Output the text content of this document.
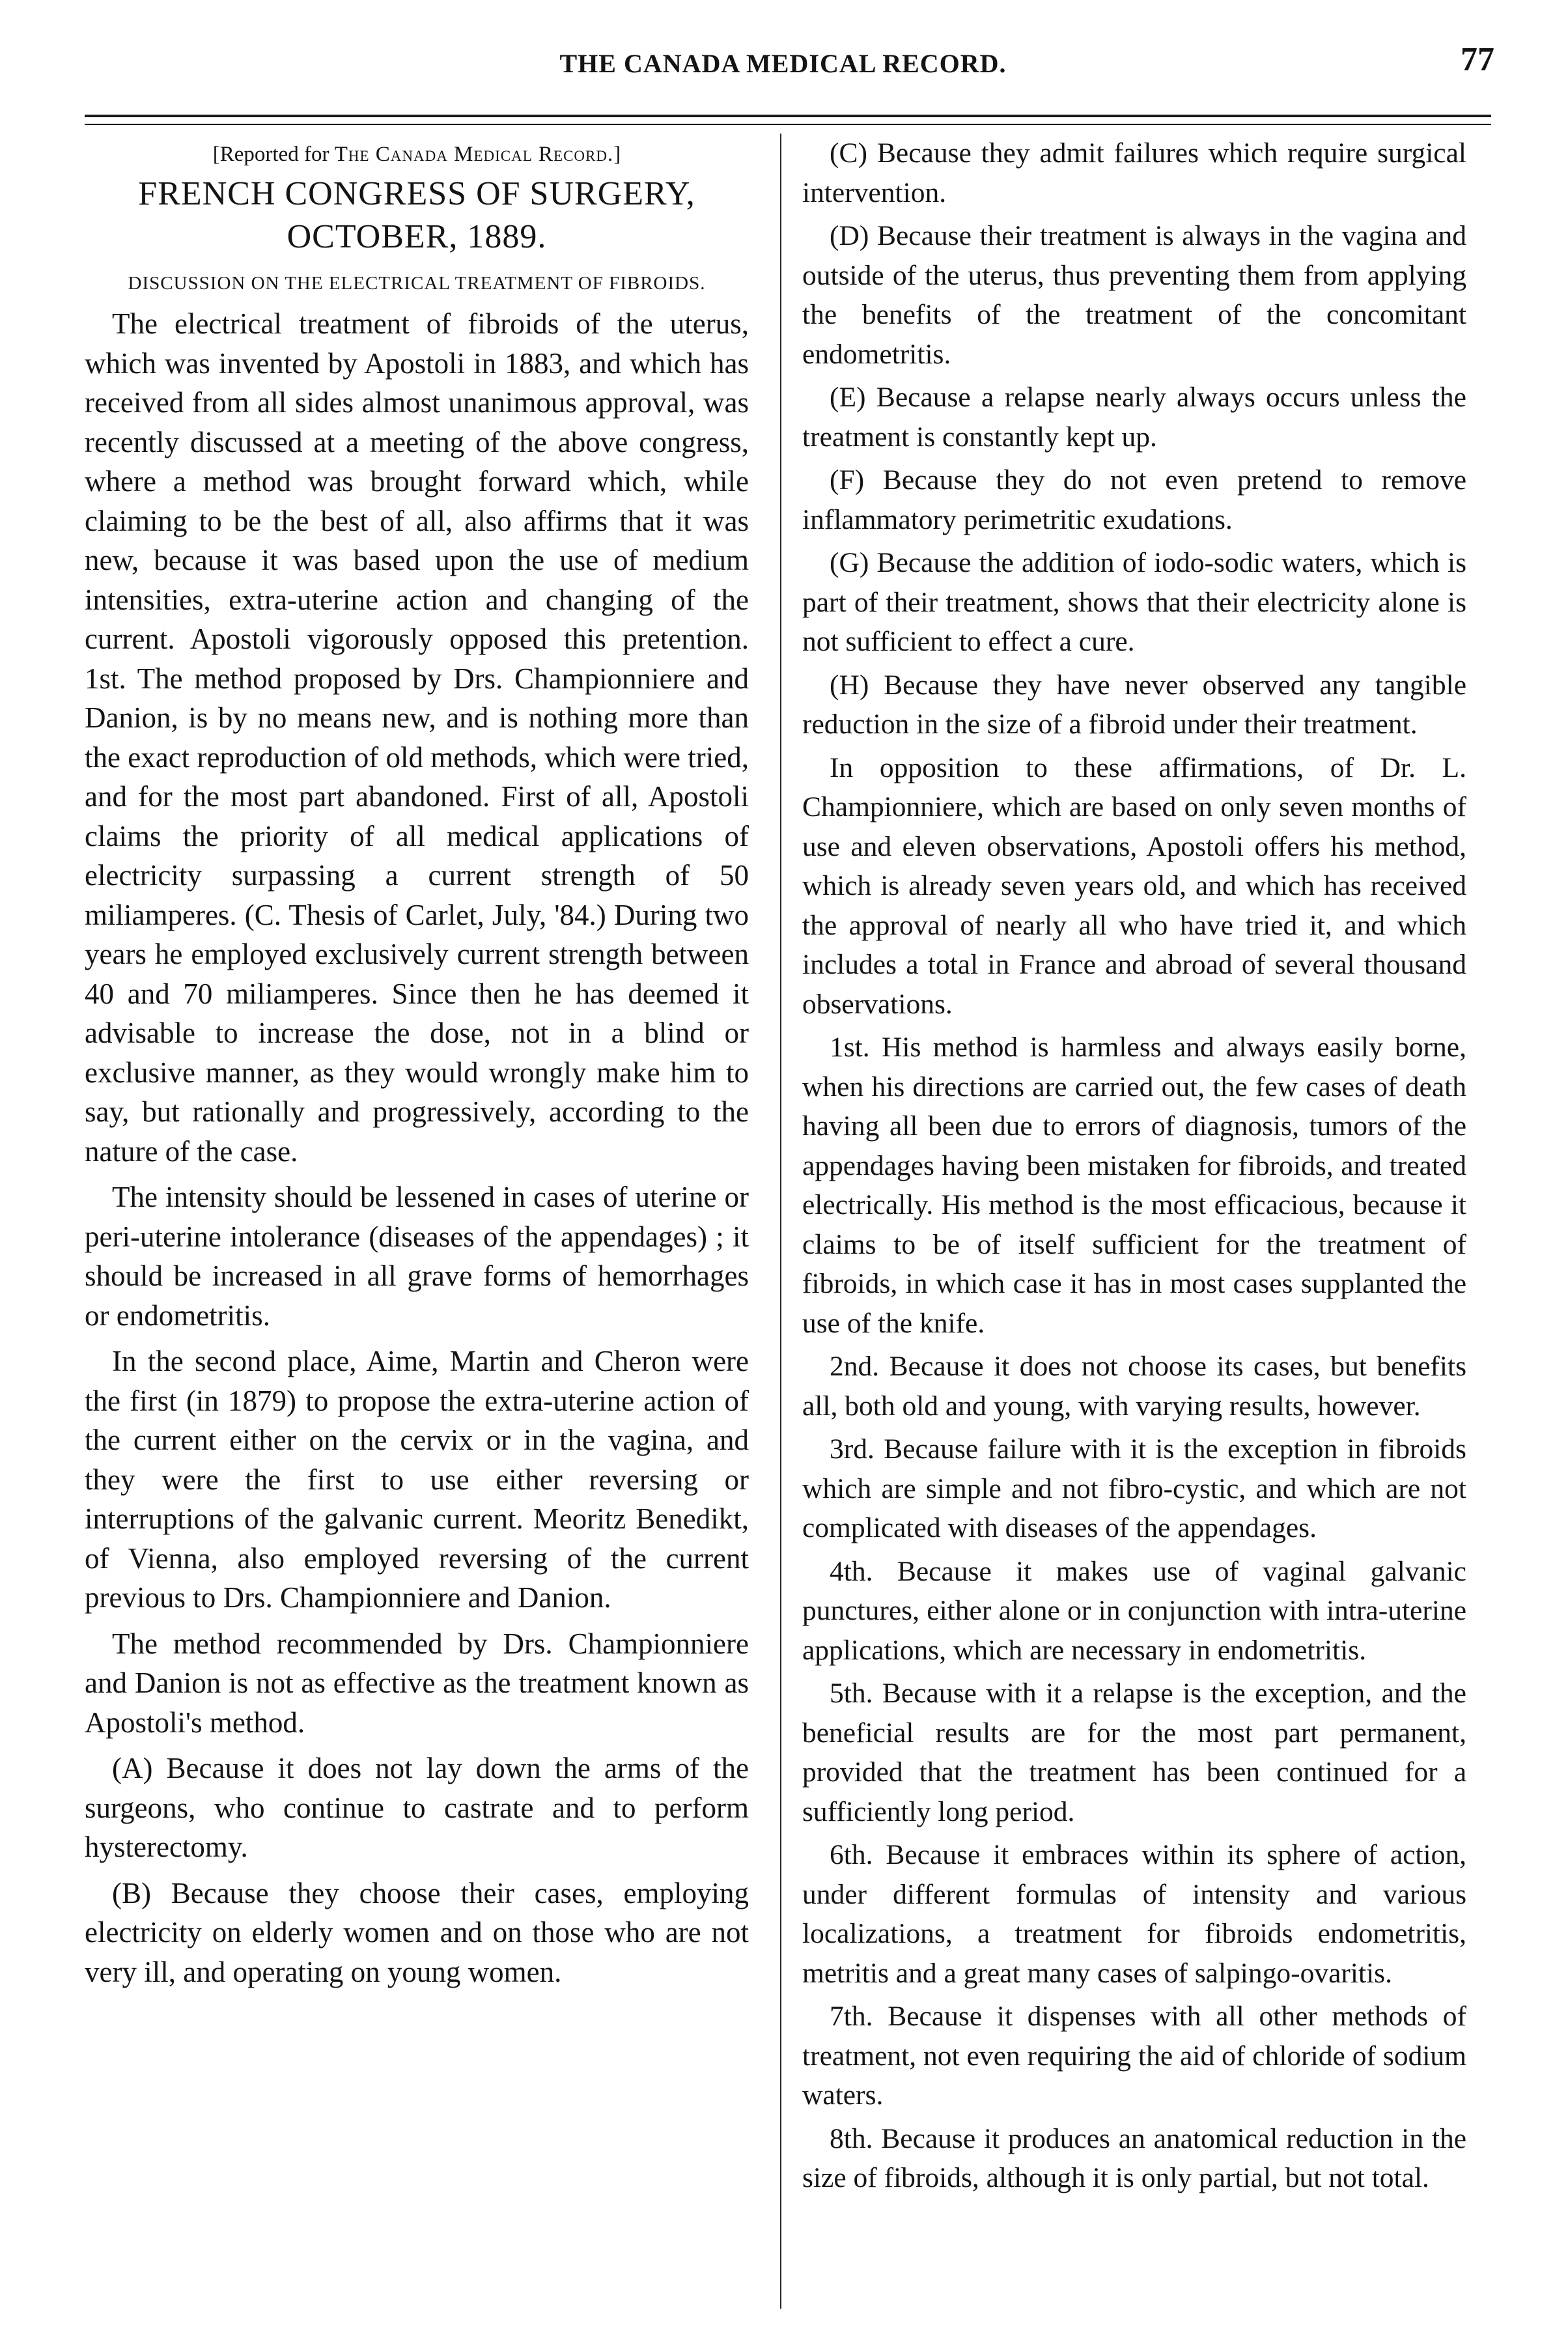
THE CANADA MEDICAL RECORD.	77
[Reported for The Canada Medical Record.]
FRENCH CONGRESS OF SURGERY,
OCTOBER, 1889.
DISCUSSION ON THE ELECTRICAL TREATMENT OF FIBROIDS.

The electrical treatment of fibroids of the uterus, which was invented by Apostoli in 1883, and which has received from all sides almost unanimous approval, was recently discussed at a meeting of the above congress, where a method was brought forward which, while claiming to be the best of all, also affirms that it was new, because it was based upon the use of medium intensities, extra-uterine action and changing of the current. Apostoli vigorously opposed this pretention. 1st. The method proposed by Drs. Championniere and Danion, is by no means new, and is nothing more than the exact reproduction of old methods, which were tried, and for the most part abandoned. First of all, Apostoli claims the priority of all medical applications of electricity surpassing a current strength of 50 miliamperes. (C. Thesis of Carlet, July, '84.) During two years he employed exclusively current strength between 40 and 70 miliamperes. Since then he has deemed it advisable to increase the dose, not in a blind or exclusive manner, as they would wrongly make him to say, but rationally and progressively, according to the nature of the case.

The intensity should be lessened in cases of uterine or peri-uterine intolerance (diseases of the appendages) ; it should be increased in all grave forms of hemorrhages or endometritis.

In the second place, Aime, Martin and Cheron were the first (in 1879) to propose the extra-uterine action of the current either on the cervix or in the vagina, and they were the first to use either reversing or interruptions of the galvanic current. Meoritz Benedikt, of Vienna, also employed reversing of the current previous to Drs. Championniere and Danion.

The method recommended by Drs. Championniere and Danion is not as effective as the treatment known as Apostoli's method.

(A) Because it does not lay down the arms of the surgeons, who continue to castrate and to perform hysterectomy.

(B) Because they choose their cases, employing electricity on elderly women and on those who are not very ill, and operating on young women.

(C) Because they admit failures which require surgical intervention.

(D) Because their treatment is always in the vagina and outside of the uterus, thus preventing them from applying the benefits of the treatment of the concomitant endometritis.

(E) Because a relapse nearly always occurs unless the treatment is constantly kept up.

(F) Because they do not even pretend to remove inflammatory perimetritic exudations.

(G) Because the addition of iodo-sodic waters, which is part of their treatment, shows that their electricity alone is not sufficient to effect a cure.

(H) Because they have never observed any tangible reduction in the size of a fibroid under their treatment.

In opposition to these affirmations, of Dr. L. Championniere, which are based on only seven months of use and eleven observations, Apostoli offers his method, which is already seven years old, and which has received the approval of nearly all who have tried it, and which includes a total in France and abroad of several thousand observations.

1st. His method is harmless and always easily borne, when his directions are carried out, the few cases of death having all been due to errors of diagnosis, tumors of the appendages having been mistaken for fibroids, and treated electrically. His method is the most efficacious, because it claims to be of itself sufficient for the treatment of fibroids, in which case it has in most cases supplanted the use of the knife.

2nd. Because it does not choose its cases, but benefits all, both old and young, with varying results, however.

3rd. Because failure with it is the exception in fibroids which are simple and not fibro-cystic, and which are not complicated with diseases of the appendages.

4th. Because it makes use of vaginal galvanic punctures, either alone or in conjunction with intra-uterine applications, which are necessary in endometritis.

5th. Because with it a relapse is the exception, and the beneficial results are for the most part permanent, provided that the treatment has been continued for a sufficiently long period.

6th. Because it embraces within its sphere of action, under different formulas of intensity and various localizations, a treatment for fibroids endometritis, metritis and a great many cases of salpingo-ovaritis.

7th. Because it dispenses with all other methods of treatment, not even requiring the aid of chloride of sodium waters.

8th. Because it produces an anatomical reduction in the size of fibroids, although it is only partial, but not total.
